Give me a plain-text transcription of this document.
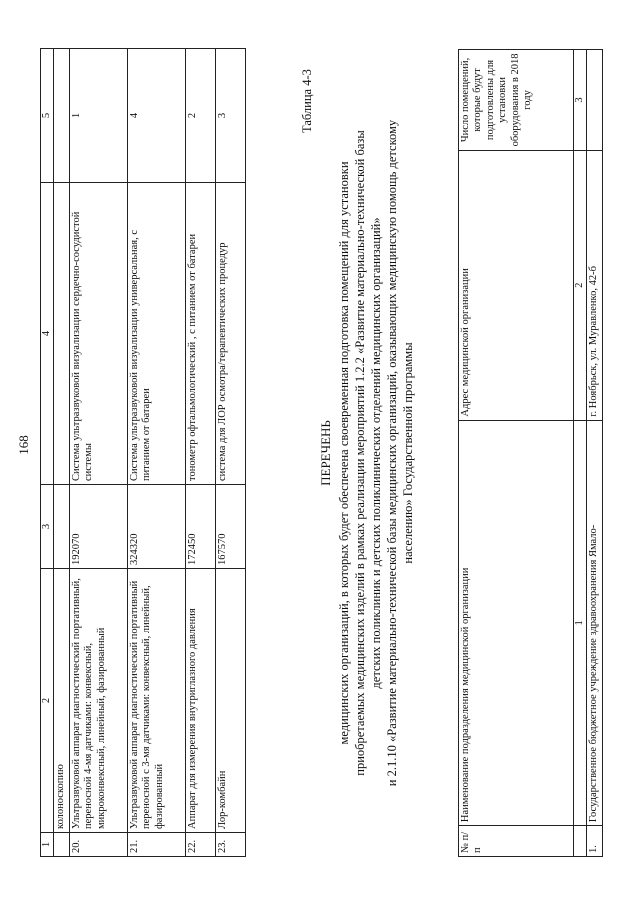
168
1	2	3	4	5
	колоноскопию			
20.	Ультразвуковой аппарат диагностический портативный, переносной 4-мя датчиками: конвексный, микроконвексный, линейный, фазированный	192070	Система ультразвуковой визуализации сердечно-сосудистой системы	1
21.	Ультразвуковой аппарат диагностический портативный переносной с 3-мя датчиками: конвексный, линейный, фазированный	324320	Система ультразвуковой визуализации универсальная, с питанием от батареи	4
22.	Аппарат для измерения внутриглазного давления	172450	тонометр офтальмологический , с питанием от батареи	2
23.	Лор-комбайн	167570	система для ЛОР осмотра/терапевтических процедур	3	Таблица 4-3
ПЕРЕЧЕНЬ медицинских организаций, в которых будет обеспечена своевременная подготовка помещений для установки приобретаемых медицинских изделий в рамках реализации мероприятий 1.2.2 «Развитие материально-технической базы детских поликлиник и детских поликлинических отделений медицинских организаций» и 2.1.10 «Развитие материально-технической базы медицинских организаций, оказывающих медицинскую помощь детскому населению» Государственной программы
№ п/п	Наименование подразделения медицинской организации	Адрес медицинской организации	Число помещений, которые будут подготовлены для установки оборудования в 2018 году
	1	2	3
1.	Государственное бюджетное учреждение здравоохранения Ямало-	г. Ноябрьск, ул. Муравленко, 42-б	
